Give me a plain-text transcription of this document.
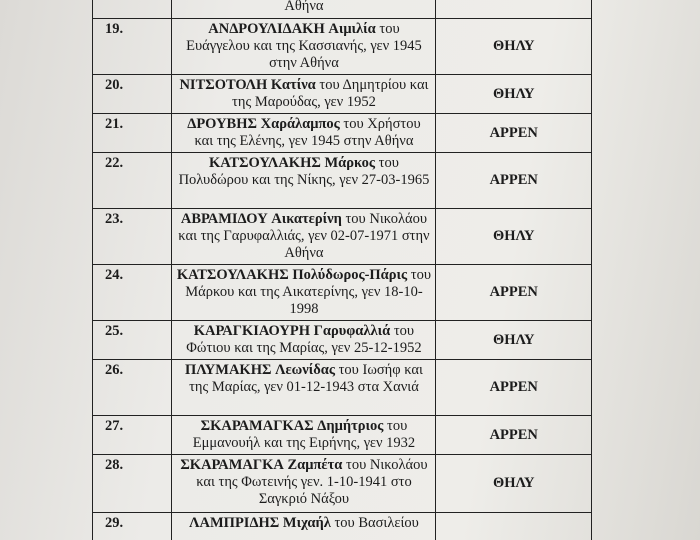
	Αθήνα	
19.	ΑΝΔΡΟΥΛΙΔΑΚΗ Αιμιλία του Ευάγγελου και της Κασσιανής, γεν 1945 στην Αθήνα	ΘΗΛΥ
20.	ΝΙΤΣΟΤΟΛΗ Κατίνα του Δημητρίου και της Μαρούδας, γεν 1952	ΘΗΛΥ
21.	ΔΡΟΥΒΗΣ Χαράλαμπος του Χρήστου και της Ελένης, γεν 1945 στην Αθήνα	ΑΡΡΕΝ
22.	ΚΑΤΣΟΥΛΑΚΗΣ Μάρκος του Πολυδώρου και της Νίκης, γεν 27-03-1965	ΑΡΡΕΝ
23.	ΑΒΡΑΜΙΔΟΥ Αικατερίνη του Νικολάου και της Γαρυφαλλιάς, γεν 02-07-1971 στην Αθήνα	ΘΗΛΥ
24.	ΚΑΤΣΟΥΛΑΚΗΣ Πολύδωρος-Πάρις του Μάρκου και της Αικατερίνης, γεν 18-10-1998	ΑΡΡΕΝ
25.	ΚΑΡΑΓΚΙΑΟΥΡΗ Γαρυφαλλιά του Φώτιου και της Μαρίας, γεν 25-12-1952	ΘΗΛΥ
26.	ΠΛΥΜΑΚΗΣ Λεωνίδας του Ιωσήφ και της Μαρίας, γεν 01-12-1943 στα Χανιά	ΑΡΡΕΝ
27.	ΣΚΑΡΑΜΑΓΚΑΣ Δημήτριος του Εμμανουήλ και της Ειρήνης, γεν 1932	ΑΡΡΕΝ
28.	ΣΚΑΡΑΜΑΓΚΑ Ζαμπέτα του Νικολάου και της Φωτεινής γεν. 1-10-1941 στο Σαγκριό Νάξου	ΘΗΛΥ
29.	ΛΑΜΠΡΙΔΗΣ Μιχαήλ του Βασιλείου	
